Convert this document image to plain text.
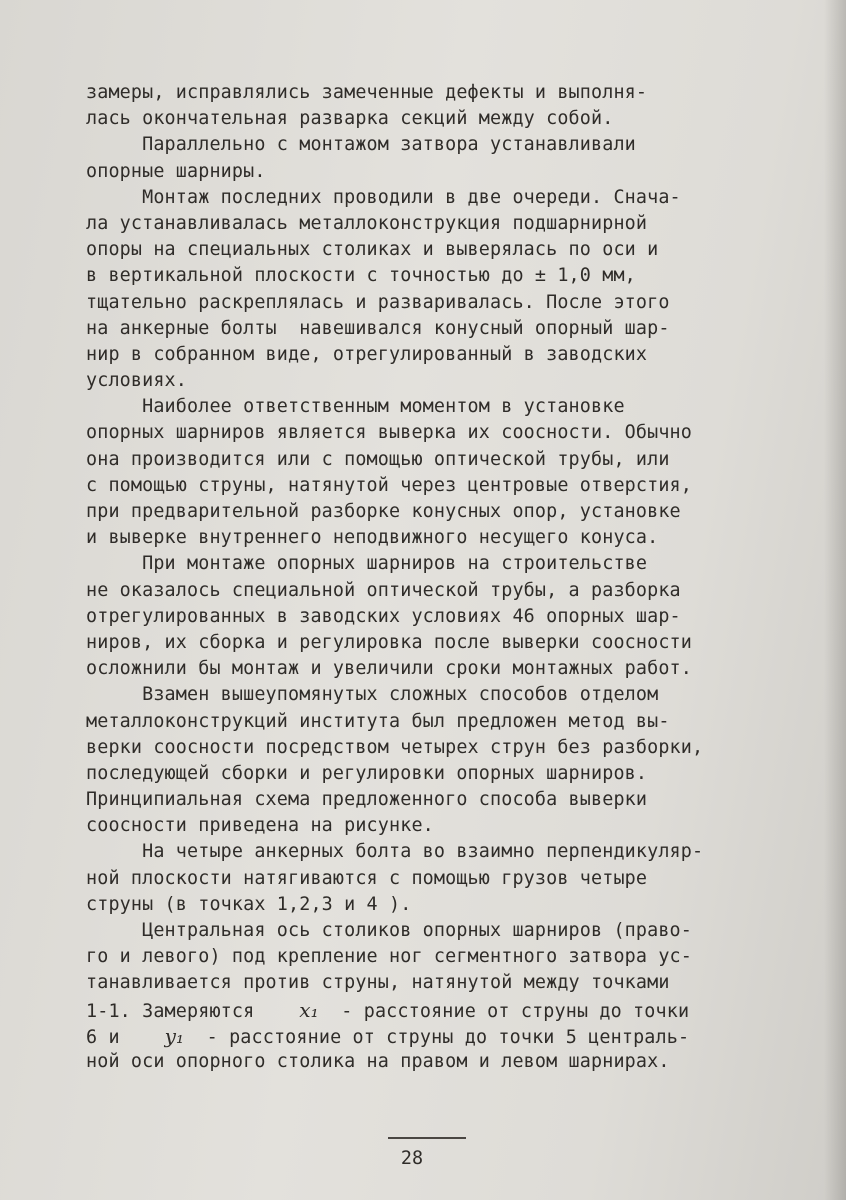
замеры, исправлялись замеченные дефекты и выполня-
лась окончательная разварка секций между собой.
Параллельно с монтажом затвора устанавливали
опорные шарниры.
Монтаж последних проводили в две очереди. Снача-
ла устанавливалась металлоконструкция подшарнирной
опоры на специальных столиках и выверялась по оси и
в вертикальной плоскости с точностью до ± 1,0 мм,
тщательно раскреплялась и разваривалась. После этого
на анкерные болты  навешивался конусный опорный шар-
нир в собранном виде, отрегулированный в заводских
условиях.
Наиболее ответственным моментом в установке
опорных шарниров является выверка их соосности. Обычно
она производится или с помощью оптической трубы, или
с помощью струны, натянутой через центровые отверстия,
при предварительной разборке конусных опор, установке
и выверке внутреннего неподвижного несущего конуса.
При монтаже опорных шарниров на строительстве
не оказалось специальной оптической трубы, а разборка
отрегулированных в заводских условиях 46 опорных шар-
ниров, их сборка и регулировка после выверки соосности
осложнили бы монтаж и увеличили сроки монтажных работ.
Взамен вышеупомянутых сложных способов отделом
металлоконструкций института был предложен метод вы-
верки соосности посредством четырех струн без разборки,
последующей сборки и регулировки опорных шарниров.
Принципиальная схема предложенного способа выверки
соосности приведена на рисунке.
На четыре анкерных болта во взаимно перпендикуляр-
ной плоскости натягиваются с помощью грузов четыре
струны (в точках 1,2,3 и 4 ).
Центральная ось столиков опорных шарниров (право-
го и левого) под крепление ног сегментного затвора ус-
танавливается против струны, натянутой между точками
1-1. Замеряются    x₁  - расстояние от струны до точки
6 и    y₁  - расстояние от струны до точки 5 централь-
ной оси опорного столика на правом и левом шарнирах.
28
